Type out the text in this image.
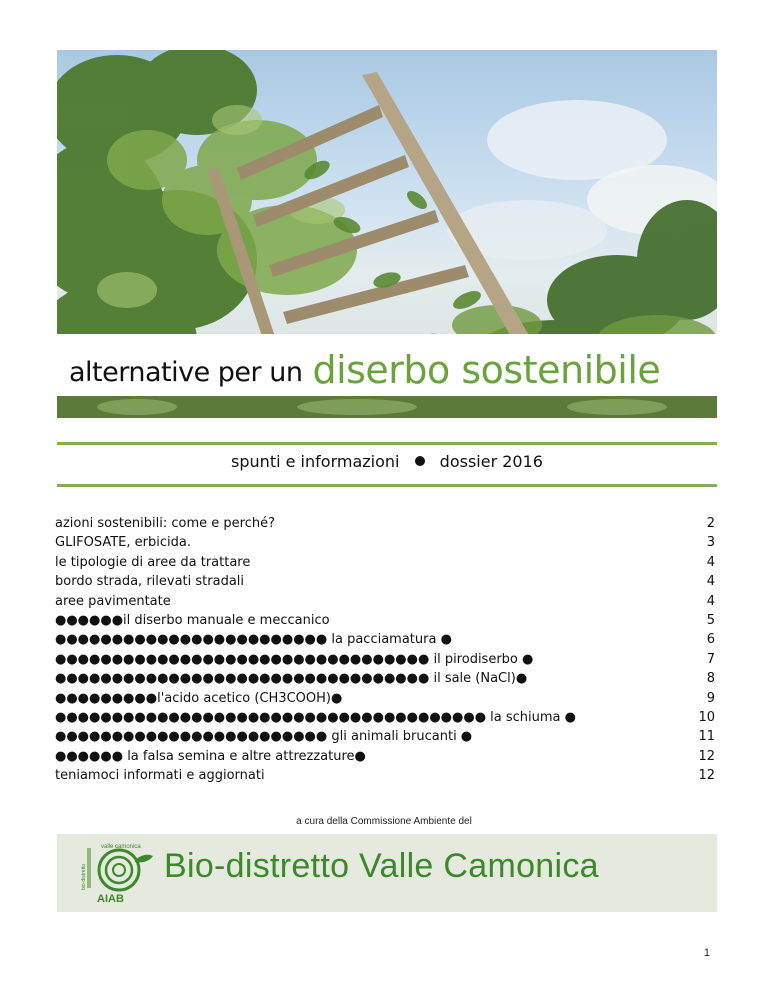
alternative per un diserbo sostenibile
spunti e informazioni	dossier 2016
azioni sostenibili: come e perché?	2
GLIFOSATE, erbicida.	3
le tipologie di aree da trattare	4
bordo strada, rilevati stradali	4
aree pavimentate	4
●●●●●●il diserbo manuale e meccanico	5
●●●●●●●●●●●●●●●●●●●●●●●● la pacciamatura ●	6
●●●●●●●●●●●●●●●●●●●●●●●●●●●●●●●●● il pirodiserbo ●	7
●●●●●●●●●●●●●●●●●●●●●●●●●●●●●●●●● il sale (NaCl)●	8
●●●●●●●●●l'acido acetico (CH3COOH)●	9
●●●●●●●●●●●●●●●●●●●●●●●●●●●●●●●●●●●●●● la schiuma ●	10
●●●●●●●●●●●●●●●●●●●●●●●● gli animali brucanti ●	11
●●●●●● la falsa semina e altre attrezzature●	12
teniamoci informati e aggiornati	12
a cura della Commissione Ambiente del
AIAB
valle camonica
bio-distretto Bio-distretto Valle Camonica
1
